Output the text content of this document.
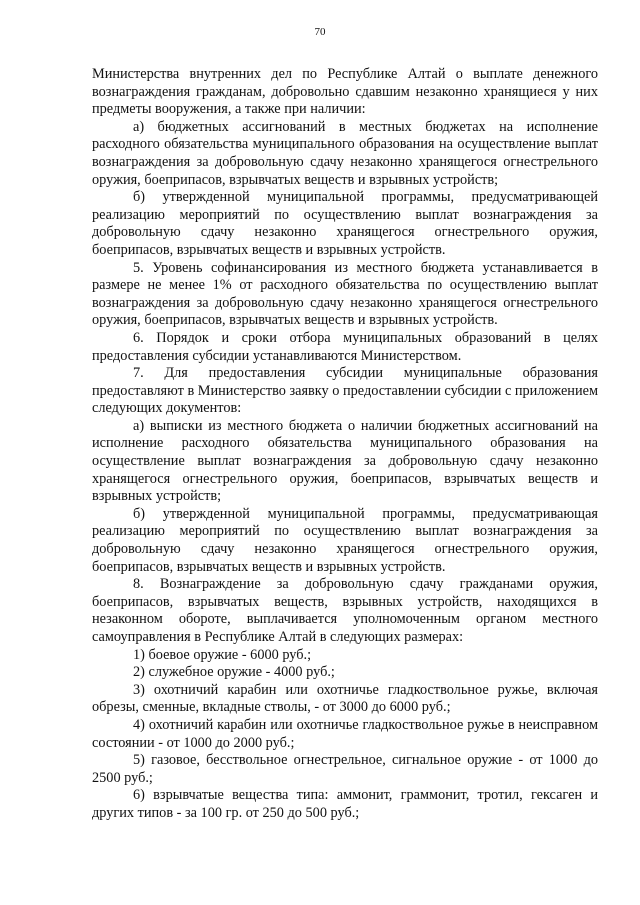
70

Министерства внутренних дел по Республике Алтай о выплате денежного вознаграждения гражданам, добровольно сдавшим незаконно хранящиеся у них предметы вооружения, а также при наличии:

а) бюджетных ассигнований в местных бюджетах на исполнение расходного обязательства муниципального образования на осуществление выплат вознаграждения за добровольную сдачу незаконно хранящегося огнестрельного оружия, боеприпасов, взрывчатых веществ и взрывных устройств;

б) утвержденной муниципальной программы, предусматривающей реализацию мероприятий по осуществлению выплат вознаграждения за добровольную сдачу незаконно хранящегося огнестрельного оружия, боеприпасов, взрывчатых веществ и взрывных устройств.

5. Уровень софинансирования из местного бюджета устанавливается в размере не менее 1% от расходного обязательства по осуществлению выплат вознаграждения за добровольную сдачу незаконно хранящегося огнестрельного оружия, боеприпасов, взрывчатых веществ и взрывных устройств.

6. Порядок и сроки отбора муниципальных образований в целях предоставления субсидии устанавливаются Министерством.

7. Для предоставления субсидии муниципальные образования предоставляют в Министерство заявку о предоставлении субсидии с приложением следующих документов:

а) выписки из местного бюджета о наличии бюджетных ассигнований на исполнение расходного обязательства муниципального образования на осуществление выплат вознаграждения за добровольную сдачу незаконно хранящегося огнестрельного оружия, боеприпасов, взрывчатых веществ и взрывных устройств;

б) утвержденной муниципальной программы, предусматривающая реализацию мероприятий по осуществлению выплат вознаграждения за добровольную сдачу незаконно хранящегося огнестрельного оружия, боеприпасов, взрывчатых веществ и взрывных устройств.

8. Вознаграждение за добровольную сдачу гражданами оружия, боеприпасов, взрывчатых веществ, взрывных устройств, находящихся в незаконном обороте, выплачивается уполномоченным органом местного самоуправления в Республике Алтай в следующих размерах:

1) боевое оружие - 6000 руб.;

2) служебное оружие - 4000 руб.;

3) охотничий карабин или охотничье гладкоствольное ружье, включая обрезы, сменные, вкладные стволы, - от 3000 до 6000 руб.;

4) охотничий карабин или охотничье гладкоствольное ружье в неисправном состоянии - от 1000 до 2000 руб.;

5) газовое, бесствольное огнестрельное, сигнальное оружие - от 1000 до 2500 руб.;

6) взрывчатые вещества типа: аммонит, граммонит, тротил, гексаген и других типов - за 100 гр. от 250 до 500 руб.;
